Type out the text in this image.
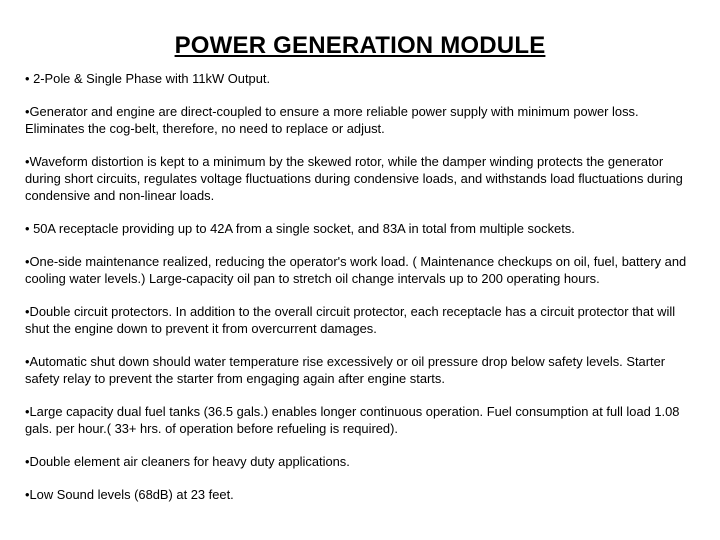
POWER GENERATION MODULE

• 2-Pole & Single Phase with 11kW Output.

•Generator and engine are direct-coupled to ensure a more reliable power supply with minimum power loss. Eliminates the cog-belt, therefore, no need to replace or adjust.

•Waveform distortion is kept to a minimum by the skewed rotor, while the damper winding protects the generator during short circuits, regulates voltage fluctuations during condensive loads, and withstands load fluctuations during condensive and non-linear loads.

• 50A receptacle providing up to 42A from a single socket, and 83A in total from multiple sockets.

•One-side maintenance realized, reducing the operator's work load. ( Maintenance checkups on oil, fuel, battery and cooling water levels.) Large-capacity oil pan to stretch oil change intervals up to 200 operating hours.

•Double circuit protectors. In addition to the overall circuit protector, each receptacle has a circuit protector that will shut the engine down to prevent it from overcurrent damages.

•Automatic shut down should water temperature rise excessively or oil pressure drop below safety levels. Starter safety relay to prevent the starter from engaging again after engine starts.

•Large capacity dual fuel tanks (36.5 gals.) enables longer continuous operation. Fuel consumption at full load 1.08 gals. per hour.( 33+ hrs. of operation before refueling is required).

•Double element air cleaners for heavy duty applications.

•Low Sound levels (68dB) at 23 feet.
